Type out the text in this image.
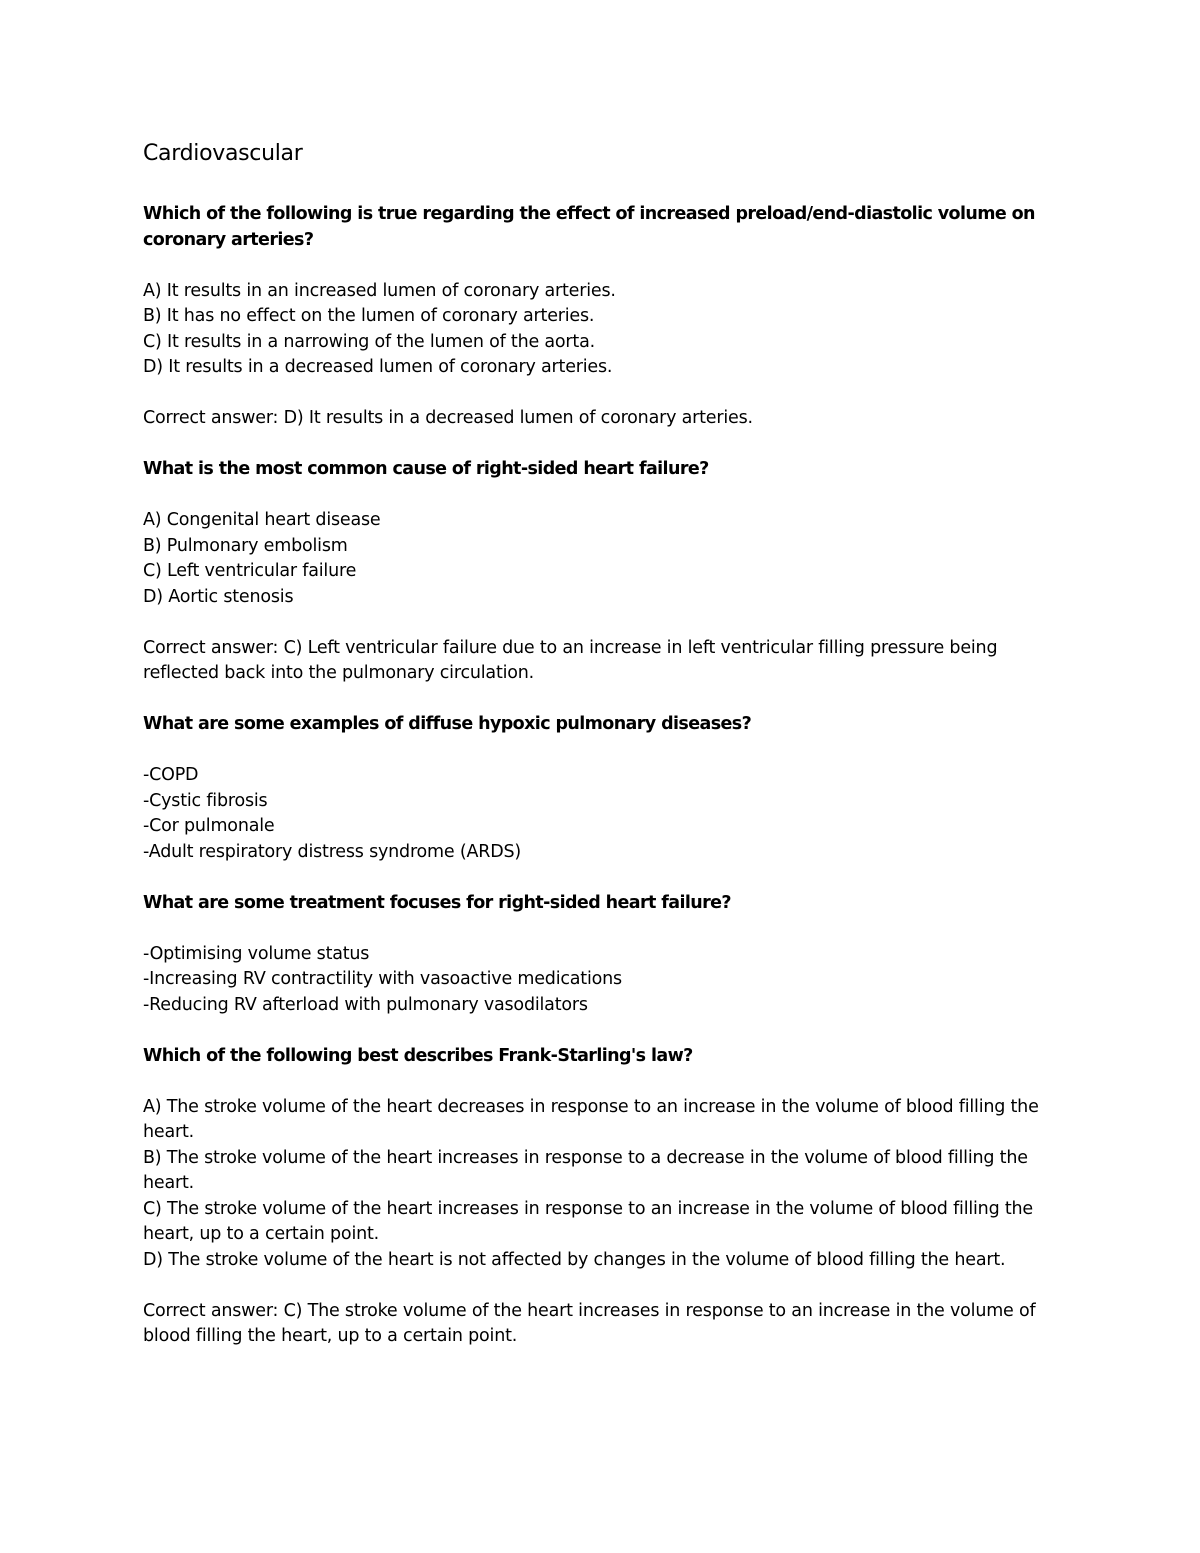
Cardiovascular

Which of the following is true regarding the effect of increased preload/end-diastolic volume on coronary arteries?

A) It results in an increased lumen of coronary arteries.

B) It has no effect on the lumen of coronary arteries.

C) It results in a narrowing of the lumen of the aorta.

D) It results in a decreased lumen of coronary arteries.

Correct answer: D) It results in a decreased lumen of coronary arteries.

What is the most common cause of right-sided heart failure?

A) Congenital heart disease

B) Pulmonary embolism

C) Left ventricular failure

D) Aortic stenosis

Correct answer: C) Left ventricular failure due to an increase in left ventricular filling pressure being reflected back into the pulmonary circulation.

What are some examples of diffuse hypoxic pulmonary diseases?

-COPD

-Cystic fibrosis

-Cor pulmonale

-Adult respiratory distress syndrome (ARDS)

What are some treatment focuses for right-sided heart failure?

-Optimising volume status

-Increasing RV contractility with vasoactive medications

-Reducing RV afterload with pulmonary vasodilators

Which of the following best describes Frank-Starling's law?

A) The stroke volume of the heart decreases in response to an increase in the volume of blood filling the heart.

B) The stroke volume of the heart increases in response to a decrease in the volume of blood filling the heart.

C) The stroke volume of the heart increases in response to an increase in the volume of blood filling the heart, up to a certain point.

D) The stroke volume of the heart is not affected by changes in the volume of blood filling the heart.

Correct answer: C) The stroke volume of the heart increases in response to an increase in the volume of blood filling the heart, up to a certain point.
